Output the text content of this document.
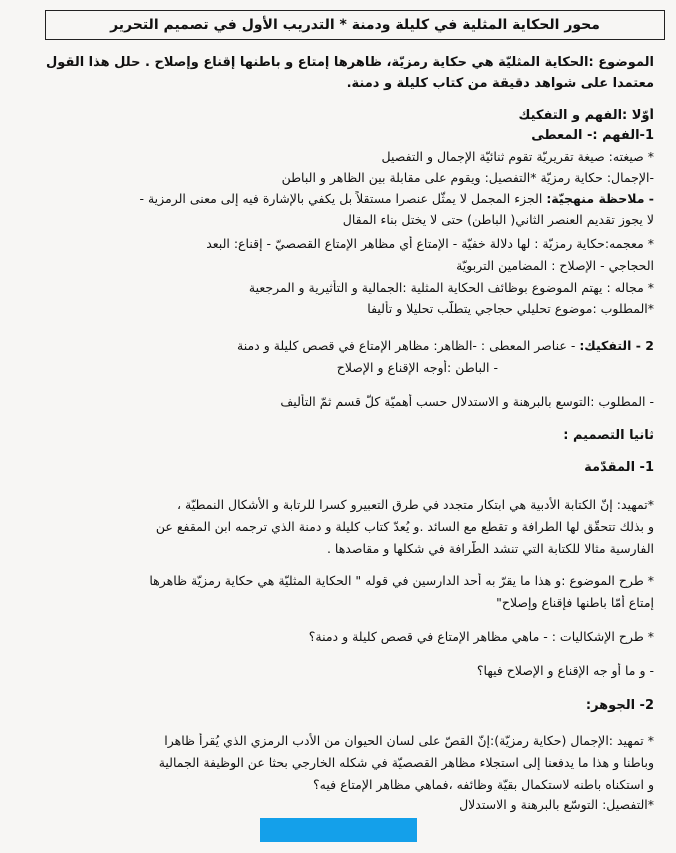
محور الحكاية المثلية في كليلة ودمنة * التدريب الأول في تصميم التحرير
الموضوع :الحكاية المثليّة هي حكاية رمزيّة، ظاهرها إمتاع و باطنها إقناع وإصلاح . حلّل هذا القول
معتمدا على شواهد دقيقة من كتاب كليلة و دمنة.
أوّلا :الفهم و التفكيك
1-الفهم :- المعطى
* صيغته: صيغة تقريريّة تقوم ثنائيّة الإجمال و التفصيل
-الإجمال: حكاية رمزيّة *التفصيل: ويقوم على مقابلة بين الظاهر و الباطن
- ملاحظة منهجيّة: الجزء المجمل لا يمثّل عنصرا مستقلاً بل يكفي بالإشارة فيه إلى معنى الرمزية -
لا يجوز تقديم العنصر الثاني( الباطن) حتى لا يختل بناء المقال
* معجمه:حكاية رمزيّة : لها دلالة خفيّة - الإمتاع أي مظاهر الإمتاع القصصيّ - إقناع: البعد
الحجاجي - الإصلاح : المضامين التربويّة
* مجاله : يهتم الموضوع بوظائف الحكاية المثلية :الجمالية و التأثيرية و المرجعية
*المطلوب :موضوع تحليلي حجاجي يتطلّب تحليلا و تأليفا
2 - التفكيك: - عناصر المعطى : -الظاهر: مظاهر الإمتاع في قصص كليلة و دمنة
- الباطن :أوجه الإقناع و الإصلاح
- المطلوب :التوسع بالبرهنة و الاستدلال حسب أهميّة كلّ قسم ثمّ التأليف
ثانيا التصميم :
1- المقدّمة
*تمهيد: إنّ الكتابة الأدبية هي ابتكار متجدد في طرق التعبيرو كسرا للرتابة و الأشكال النمطيّة ،
و بذلك تتحقّق لها الطرافة و تقطع مع السائد .و يُعدّ كتاب كليلة و دمنة الذي ترجمه ابن المقفع عن
الفارسية مثالا للكتابة التي تنشد الطّرافة في شكلها و مقاصدها .
* طرح الموضوع :و هذا ما يقرّ به أحد الدارسين في قوله " الحكاية المثليّة هي حكاية رمزيّة ظاهرها
إمتاع أمّا باطنها فإقناع وإصلاح"
* طرح الإشكاليات : - ماهي مظاهر الإمتاع في قصص كليلة و دمنة؟
- و ما أو جه الإقناع و الإصلاح فيها؟
2- الجوهر:
* تمهيد :الإجمال (حكاية رمزيّة):إنّ القصّ على لسان الحيوان من الأدب الرمزي الذي يُقرأ ظاهرا
وباطنا و هذا ما يدفعنا إلى استجلاء مظاهر القصصيّة في شكله الخارجي بحثا عن الوظيفة الجمالية
و استكناه باطنه لاستكمال بقيّة وظائفه ،فماهي مظاهر الإمتاع فيه؟
*التفصيل: التوسّع بالبرهنة و الاستدلال
